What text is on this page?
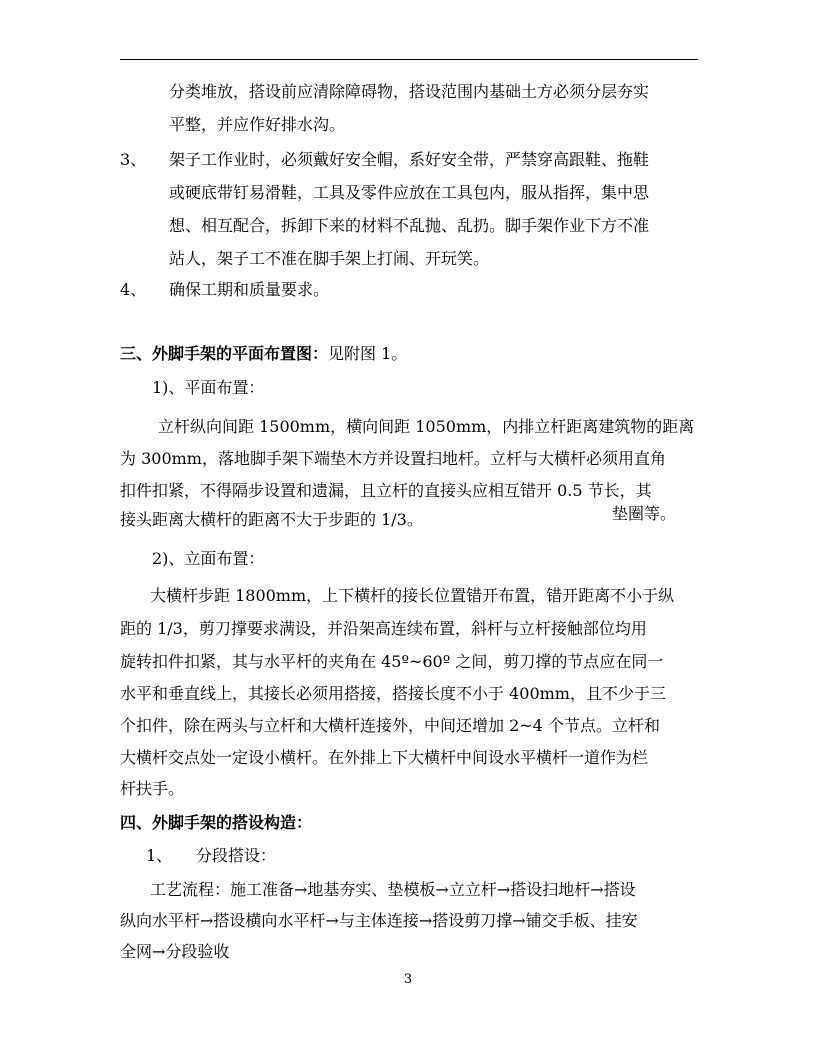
分类堆放，搭设前应清除障碍物，搭设范围内基础土方必须分层夯实
平整，并应作好排水沟。
3、 架子工作业时，必须戴好安全帽，系好安全带，严禁穿高跟鞋、拖鞋
或硬底带钉易滑鞋，工具及零件应放在工具包内，服从指挥，集中思
想、相互配合，拆卸下来的材料不乱抛、乱扔。脚手架作业下方不准
站人，架子工不准在脚手架上打闹、开玩笑。
4、 确保工期和质量要求。
三、外脚手架的平面布置图：见附图 1。
1)、平面布置：
立杆纵向间距 1500mm，横向间距 1050mm，内排立杆距离建筑物的距离
为 300mm，落地脚手架下端垫木方并设置扫地杆。立杆与大横杆必须用直角
扣件扣紧，不得隔步设置和遗漏，且立杆的直接头应相互错开 0.5 节长，其
接头距离大横杆的距离不大于步距的 1/3。	垫圈等。
2)、立面布置：
大横杆步距 1800mm，上下横杆的接长位置错开布置，错开距离不小于纵
距的 1/3，剪刀撑要求满设，并沿架高连续布置，斜杆与立杆接触部位均用
旋转扣件扣紧，其与水平杆的夹角在 45º~60º 之间，剪刀撑的节点应在同一
水平和垂直线上，其接长必须用搭接，搭接长度不小于 400mm，且不少于三
个扣件，除在两头与立杆和大横杆连接外，中间还增加 2~4 个节点。立杆和
大横杆交点处一定设小横杆。在外排上下大横杆中间设水平横杆一道作为栏
杆扶手。
四、外脚手架的搭设构造：
1、 分段搭设：
工艺流程：施工准备→地基夯实、垫模板→立立杆→搭设扫地杆→搭设
纵向水平杆→搭设横向水平杆→与主体连接→搭设剪刀撑→铺交手板、挂安
全网→分段验收
3
